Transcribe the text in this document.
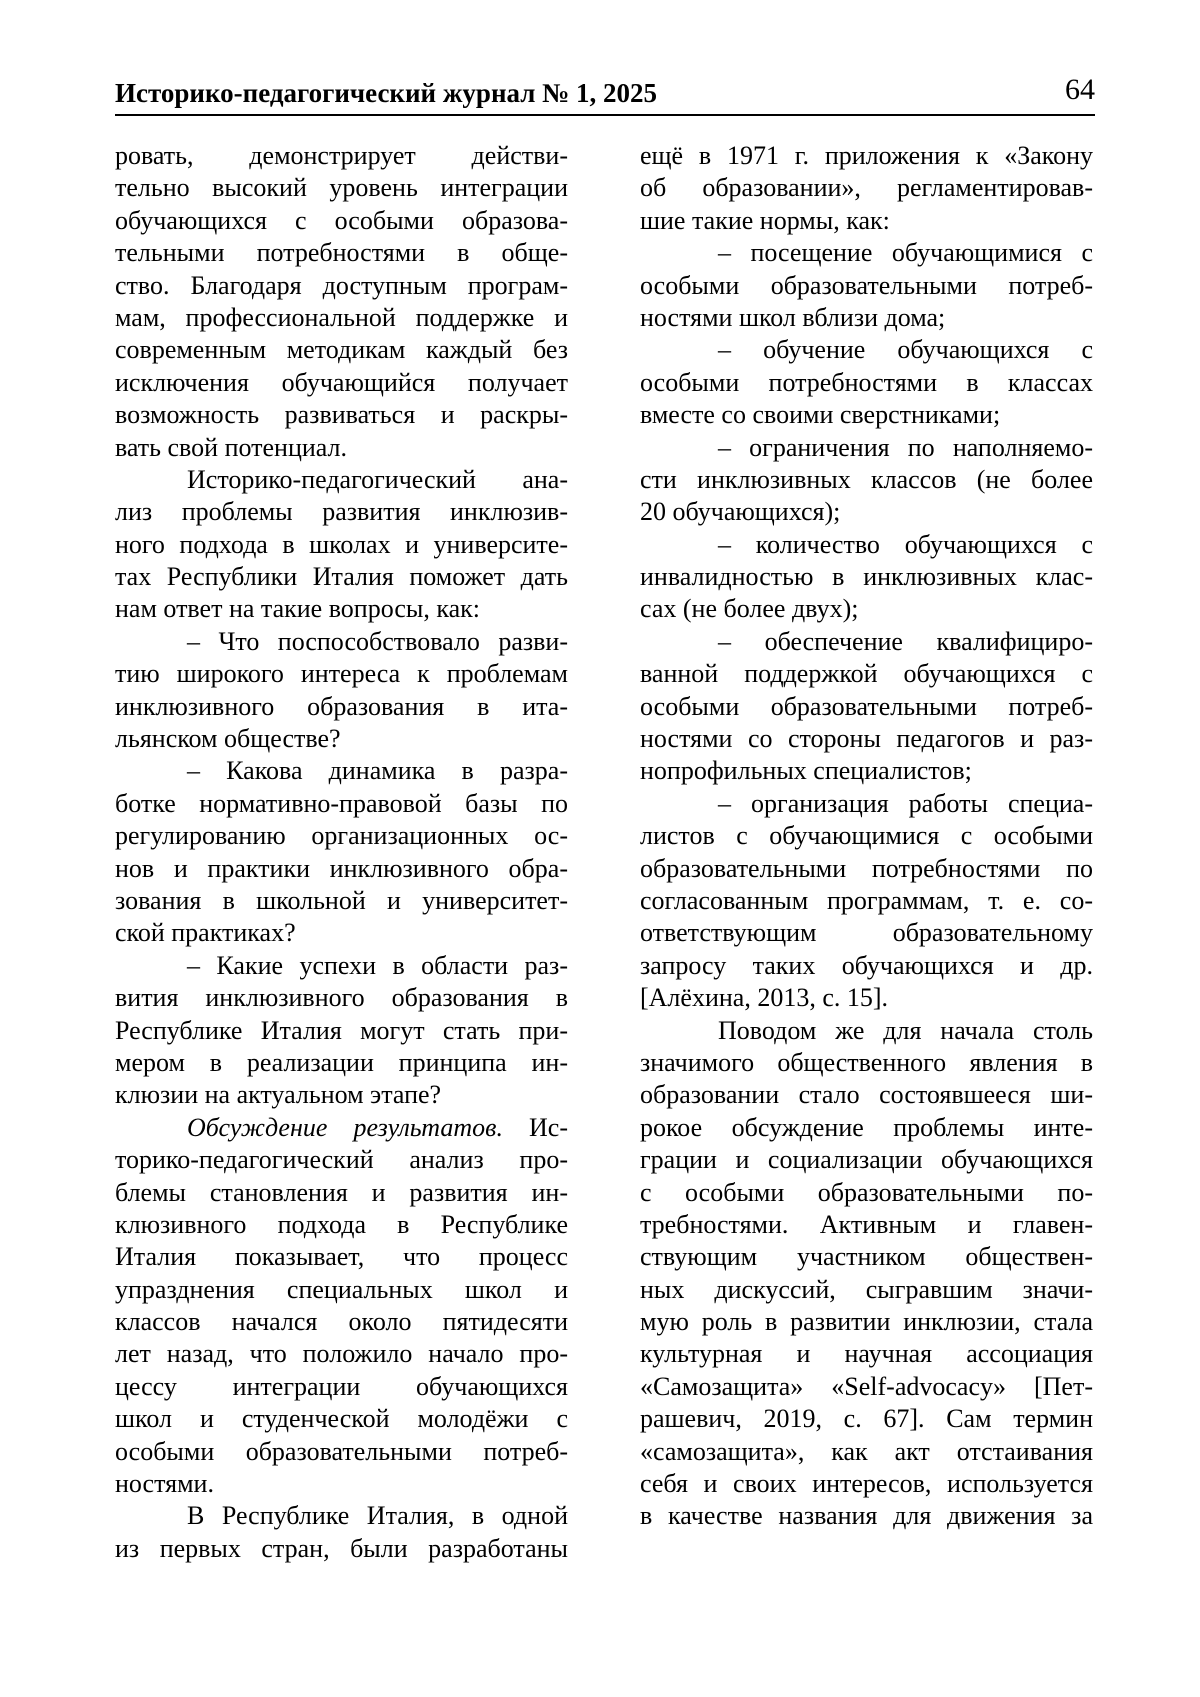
Историко-педагогический журнал № 1, 2025	64
ровать, демонстрирует действи-
тельно высокий уровень интеграции
обучающихся с особыми образова-
тельными потребностями в обще-
ство. Благодаря доступным програм-
мам, профессиональной поддержке и
современным методикам каждый без
исключения обучающийся получает
возможность развиваться и раскры-
вать свой потенциал.
Историко-педагогический ана-
лиз проблемы развития инклюзив-
ного подхода в школах и университе-
тах Республики Италия поможет дать
нам ответ на такие вопросы, как:
– Что поспособствовало разви-
тию широкого интереса к проблемам
инклюзивного образования в ита-
льянском обществе?
– Какова динамика в разра-
ботке нормативно-правовой базы по
регулированию организационных ос-
нов и практики инклюзивного обра-
зования в школьной и университет-
ской практиках?
– Какие успехи в области раз-
вития инклюзивного образования в
Республике Италия могут стать при-
мером в реализации принципа ин-
клюзии на актуальном этапе?
Обсуждение результатов. Ис-
торико-педагогический анализ про-
блемы становления и развития ин-
клюзивного подхода в Республике
Италия показывает, что процесс
упразднения специальных школ и
классов начался около пятидесяти
лет назад, что положило начало про-
цессу интеграции обучающихся
школ и студенческой молодёжи с
особыми образовательными потреб-
ностями.
В Республике Италия, в одной
из первых стран, были разработаны
ещё в 1971 г. приложения к «Закону
об образовании», регламентировав-
шие такие нормы, как:
– посещение обучающимися с
особыми образовательными потреб-
ностями школ вблизи дома;
– обучение обучающихся с
особыми потребностями в классах
вместе со своими сверстниками;
– ограничения по наполняемо-
сти инклюзивных классов (не более
20 обучающихся);
– количество обучающихся с
инвалидностью в инклюзивных клас-
сах (не более двух);
– обеспечение квалифициро-
ванной поддержкой обучающихся с
особыми образовательными потреб-
ностями со стороны педагогов и раз-
нопрофильных специалистов;
– организация работы специа-
листов с обучающимися с особыми
образовательными потребностями по
согласованным программам, т. е. со-
ответствующим образовательному
запросу таких обучающихся и др.
[Алёхина, 2013, с. 15].
Поводом же для начала столь
значимого общественного явления в
образовании стало состоявшееся ши-
рокое обсуждение проблемы инте-
грации и социализации обучающихся
с особыми образовательными по-
требностями. Активным и главен-
ствующим участником обществен-
ных дискуссий, сыгравшим значи-
мую роль в развитии инклюзии, стала
культурная и научная ассоциация
«Самозащита» «Self-advocacy» [Пет-
рашевич, 2019, с. 67]. Сам термин
«самозащита», как акт отстаивания
себя и своих интересов, используется
в качестве названия для движения за
